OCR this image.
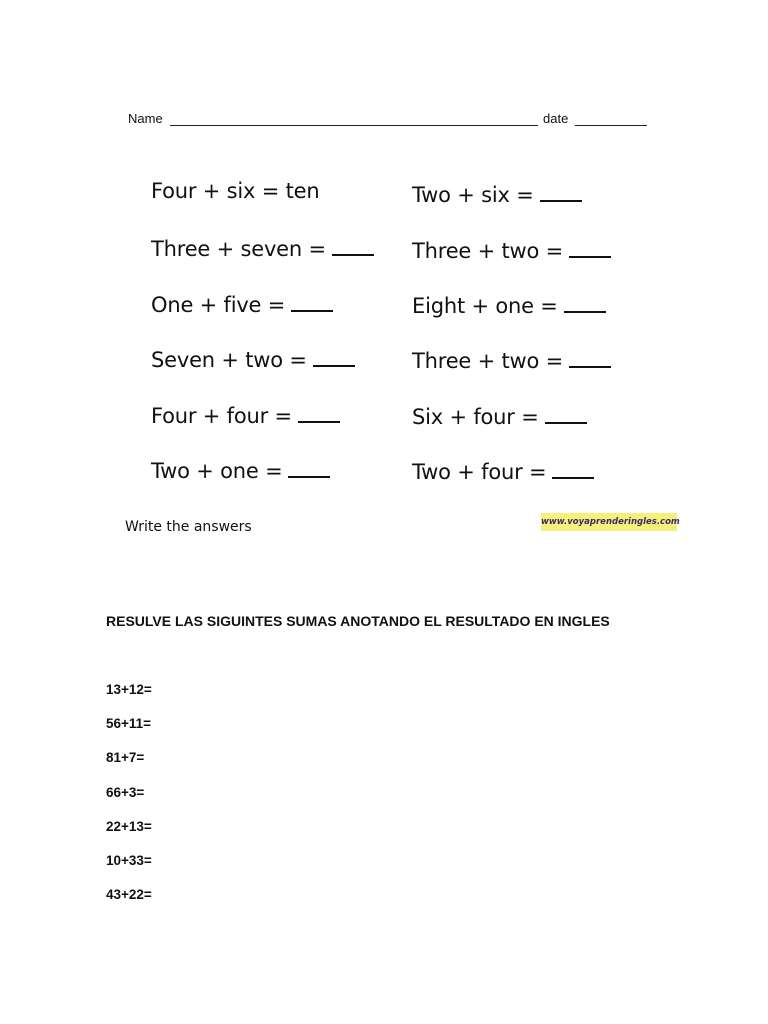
Name	date
Four + six = ten
Three + seven =
One + five =
Seven + two =
Four + four =
Two + one =
Two + six =
Three + two =
Eight + one =
Three + two =
Six + four =
Two + four =
Write the answers	www.voyaprenderingles.com
RESULVE LAS SIGUINTES SUMAS ANOTANDO EL RESULTADO EN INGLES
13+12=
56+11=
81+7=
66+3=
22+13=
10+33=
43+22=
